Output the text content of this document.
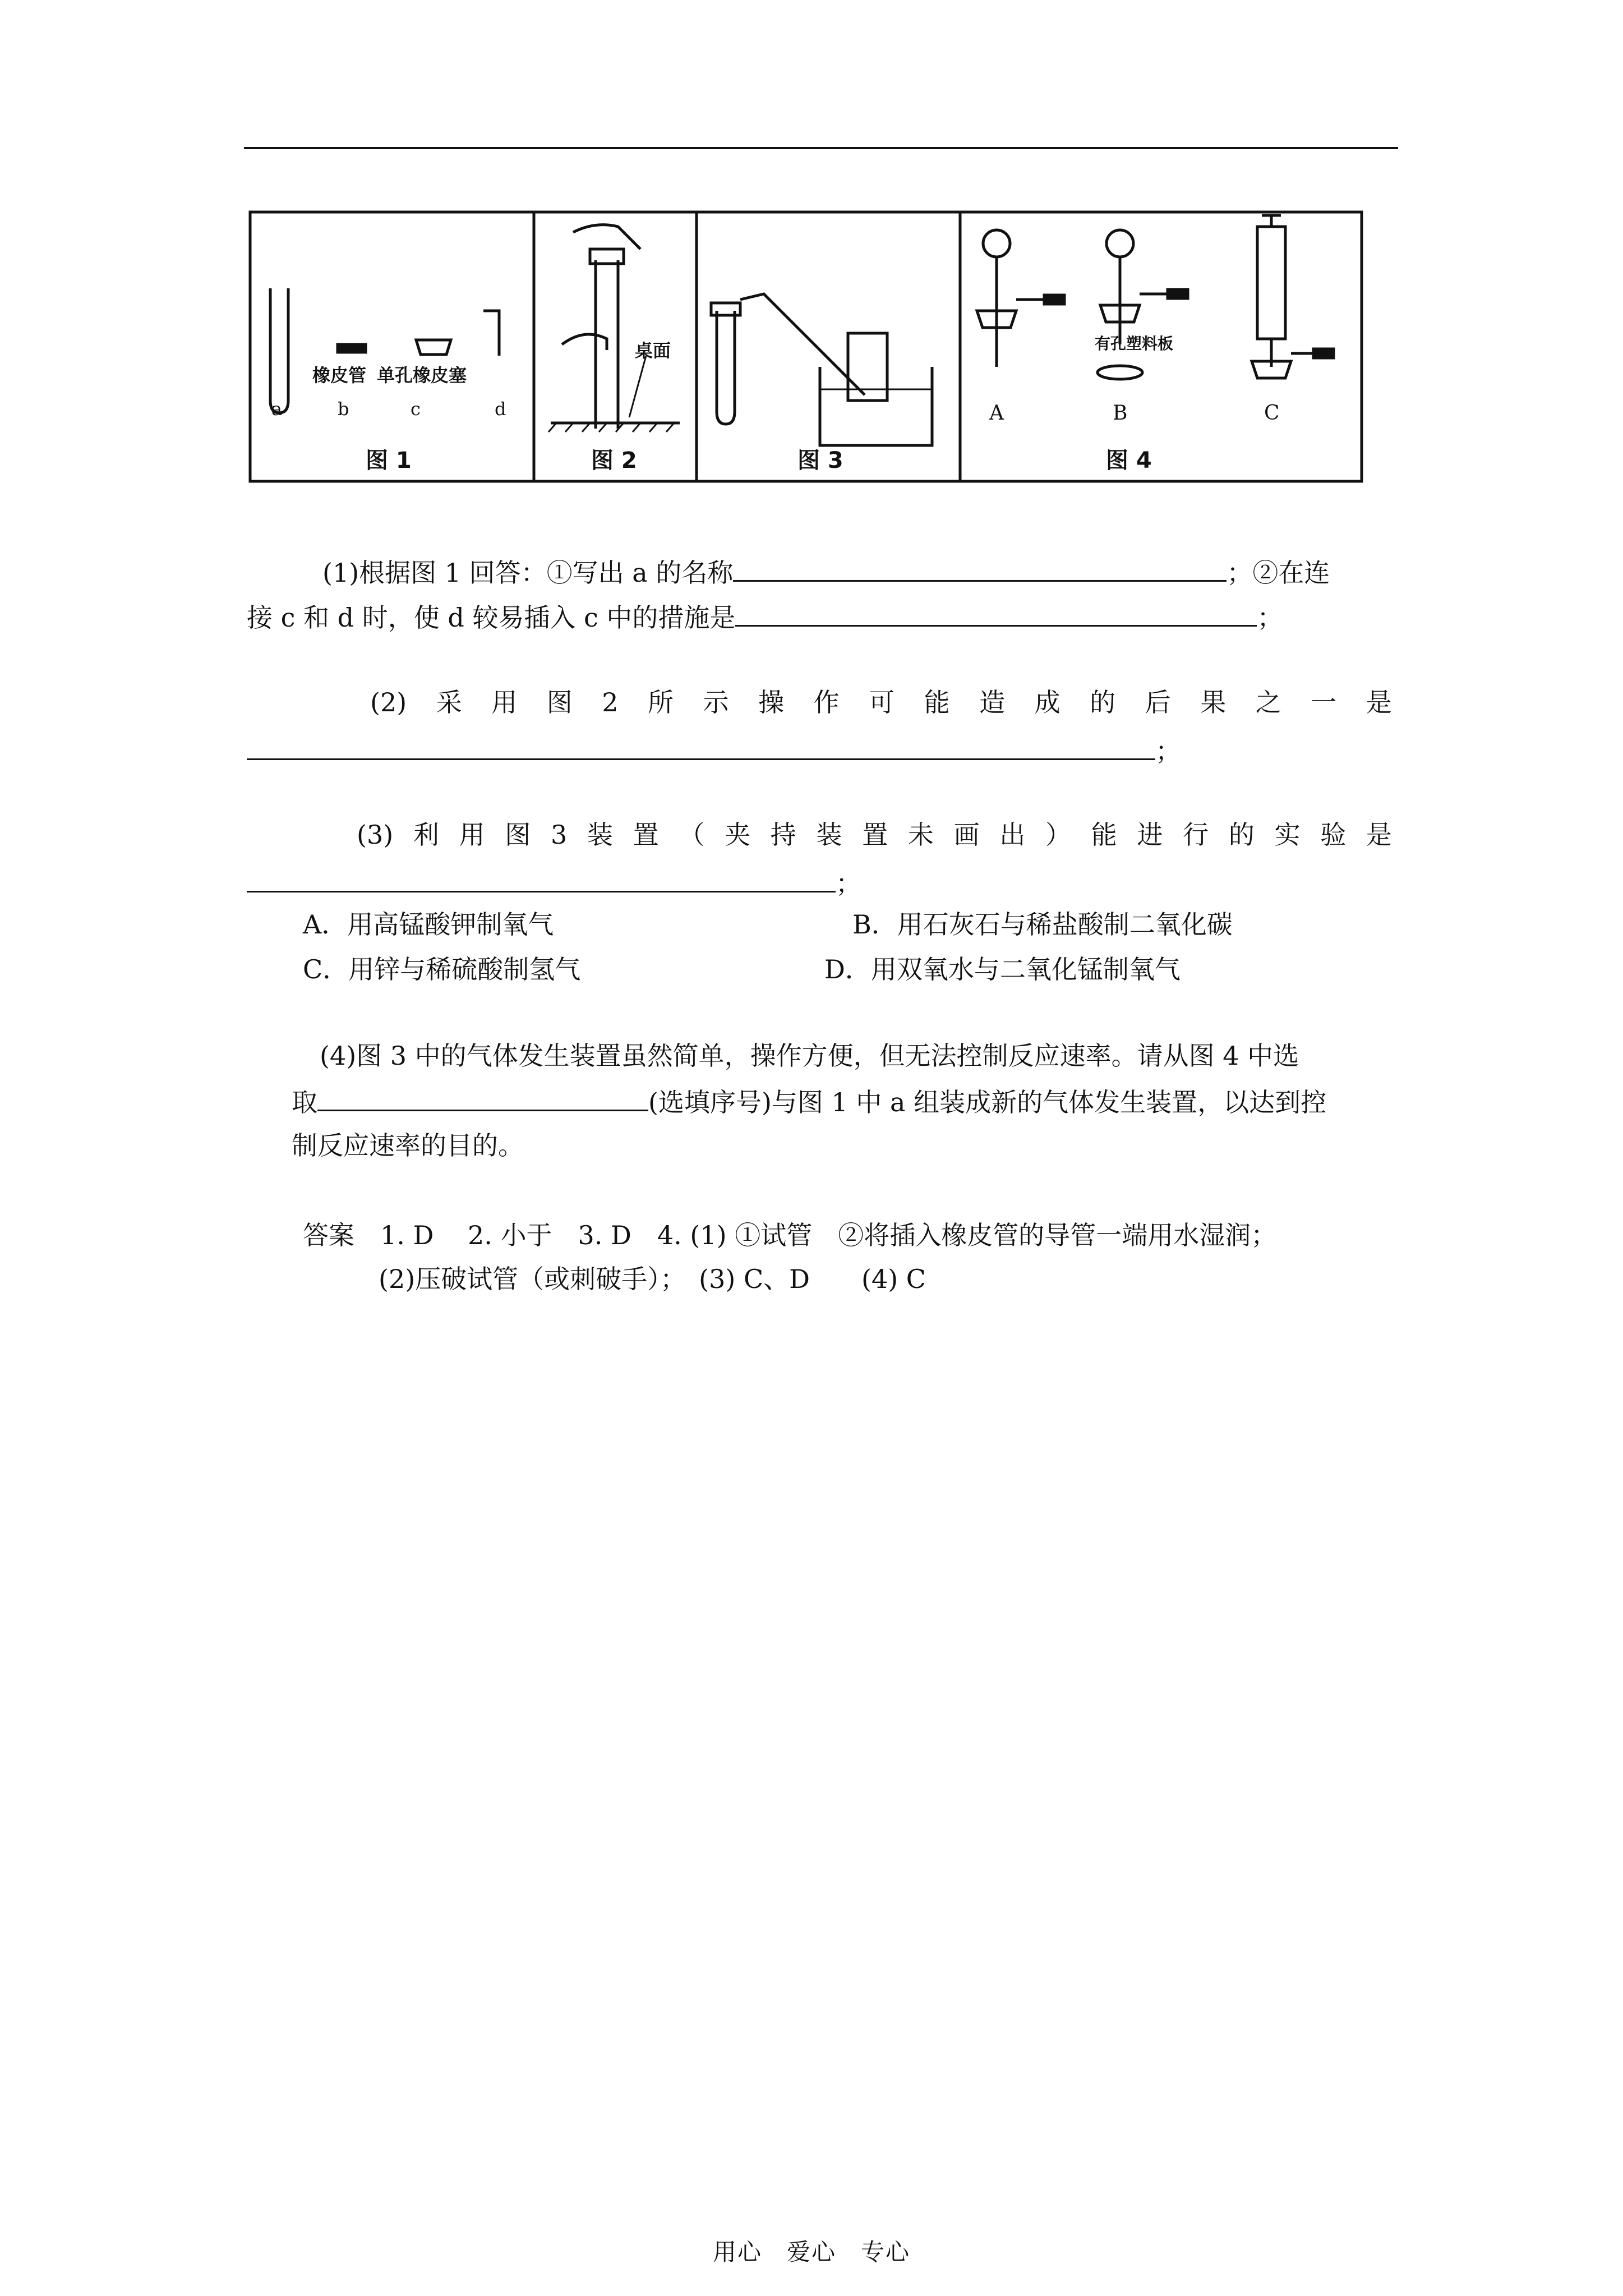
橡皮管 单孔橡皮塞
a	b	c	d
图 1
桌面
图 2	图 3
有孔塑料板
A	B	C
图 4
(1)根据图 1 回答：①写出 a 的名称	；②在连
接 c 和 d 时，使 d 较易插入 c 中的措施是	；
(2) 采 用 图 2 所 示 操 作 可 能 造 成 的 后 果 之 一 是
；
(3) 利 用 图 3 装 置 （ 夹 持 装 置 未 画 出 ） 能 进 行 的 实 验 是
；
A．用高锰酸钾制氧气	B．用石灰石与稀盐酸制二氧化碳
C．用锌与稀硫酸制氢气	D．用双氧水与二氧化锰制氧气
(4)图 3 中的气体发生装置虽然简单，操作方便，但无法控制反应速率。请从图 4 中选
取	(选填序号)与图 1 中 a 组装成新的气体发生装置，以达到控
制反应速率的目的。
答案　1. D　 2. 小于　3. D　4. (1) ①试管　②将插入橡皮管的导管一端用水湿润；
(2)压破试管（或刺破手）；　(3) C、D　　(4) C
用心　爱心　专心
